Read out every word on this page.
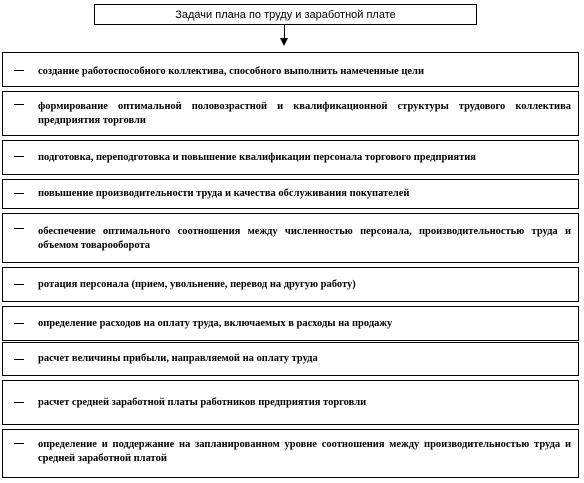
Задачи плана по труду и заработной плате
создание работоспособного коллектива, способного выполнить намеченные цели
формирование оптимальной половозрастной и квалификационной структуры трудового коллектива предприятия торговли
подготовка, переподготовка и повышение квалификации персонала торгового предприятия
повышение производительности труда и качества обслуживания покупателей
обеспечение оптимального соотношения между численностью персонала, производительностью труда и объемом товарооборота
ротация персонала (прием, увольнение, перевод на другую работу)
определение расходов на оплату труда, включаемых в расходы на продажу
расчет величины прибыли, направляемой на оплату труда
расчет средней заработной платы работников предприятия торговли
определение и поддержание на запланированном уровне соотношения между производительностью труда и средней заработной платой
